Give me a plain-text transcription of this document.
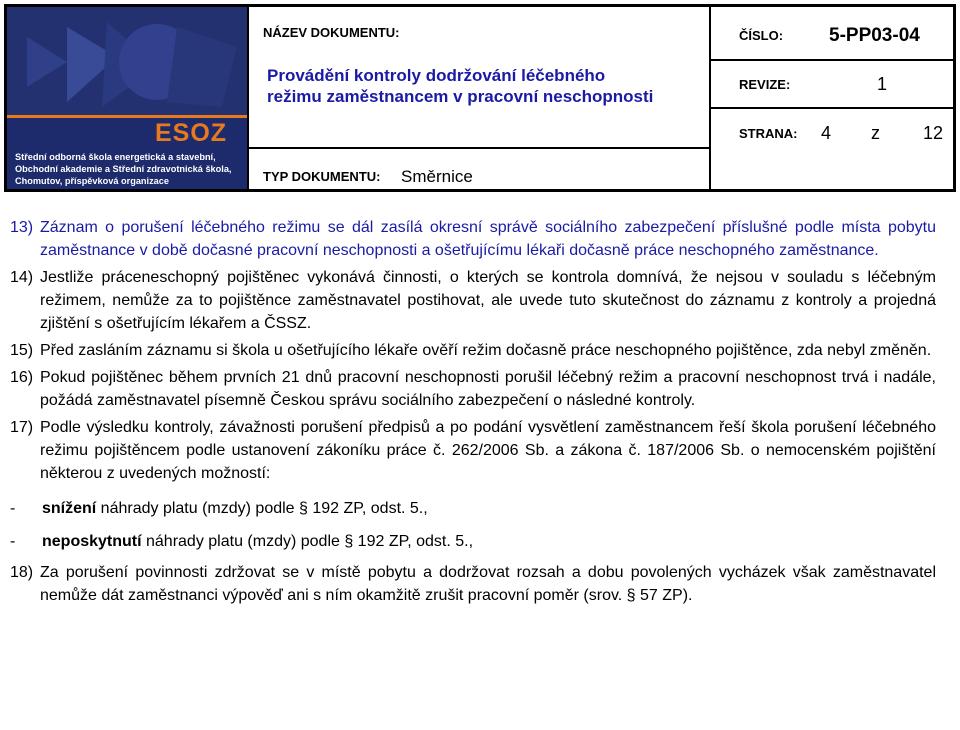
ESOZ
Střední odborná škola energetická a stavební,
Obchodní akademie a Střední zdravotnická škola,
Chomutov, příspěvková organizace
NÁZEV DOKUMENTU:
Provádění kontroly dodržování léčebného
režimu zaměstnancem v pracovní neschopnosti
TYP DOKUMENTU: Směrnice
ČÍSLO: 5-PP03-04
REVIZE:	1
STRANA: 4 z 12
13) Záznam o porušení léčebného režimu se dál zasílá okresní správě sociálního zabezpečení příslušné podle místa pobytu zaměstnance v době dočasné pracovní neschopnosti a ošetřujícímu lékaři dočasně práce neschopného zaměstnance.
14) Jestliže práceneschopný pojištěnec vykonává činnosti, o kterých se kontrola domnívá, že nejsou v souladu s léčebným režimem, nemůže za to pojištěnce zaměstnavatel postihovat, ale uvede tuto skutečnost do záznamu z kontroly a projedná zjištění s ošetřujícím lékařem a ČSSZ.
15) Před zasláním záznamu si škola u ošetřujícího lékaře ověří režim dočasně práce neschopného pojištěnce, zda nebyl změněn.
16) Pokud pojištěnec během prvních 21 dnů pracovní neschopnosti porušil léčebný režim a pracovní neschopnost trvá i nadále, požádá zaměstnavatel písemně Českou správu sociálního zabezpečení o následné kontroly.
17) Podle výsledku kontroly, závažnosti porušení předpisů a po podání vysvětlení zaměstnancem řeší škola porušení léčebného režimu pojištěncem podle ustanovení zákoníku práce č. 262/2006 Sb. a zákona č. 187/2006 Sb. o nemocenském pojištění některou z uvedených možností:
-	snížení náhrady platu (mzdy) podle § 192 ZP, odst. 5.,
-	neposkytnutí náhrady platu (mzdy) podle § 192 ZP, odst. 5.,
18) Za porušení povinnosti zdržovat se v místě pobytu a dodržovat rozsah a dobu povolených vycházek však zaměstnavatel nemůže dát zaměstnanci výpověď ani s ním okamžitě zrušit pracovní poměr (srov. § 57 ZP).
